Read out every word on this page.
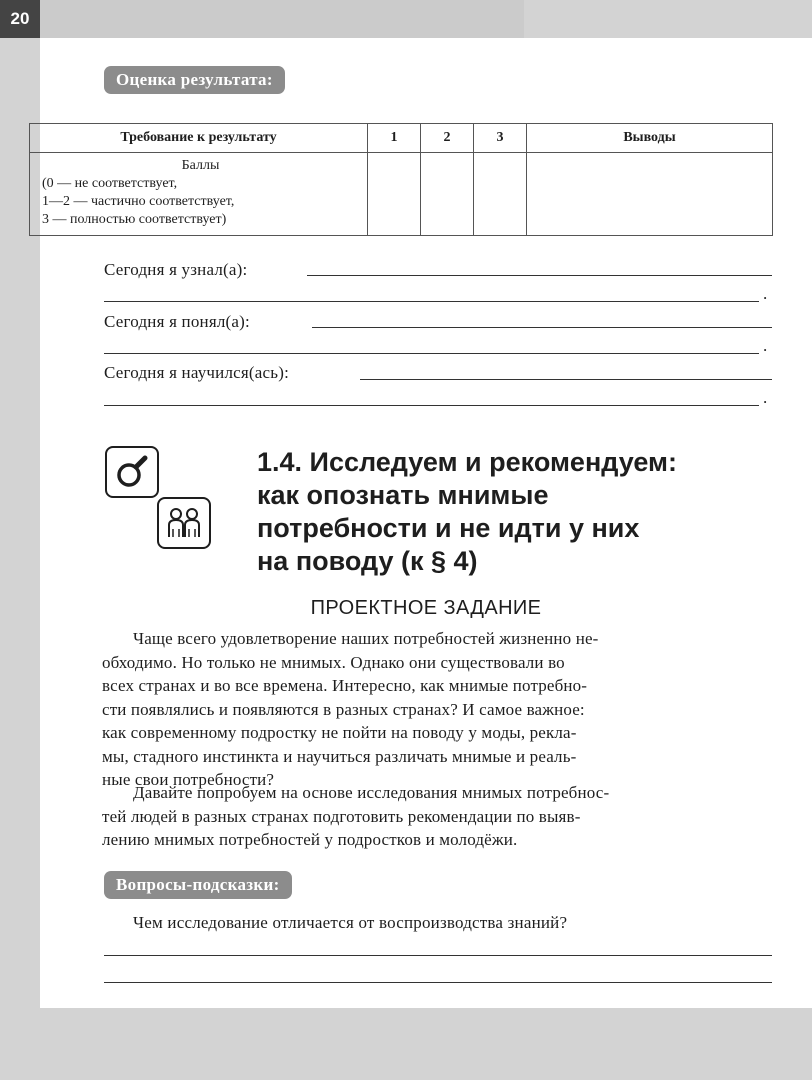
20
Оценка результата:
Требование к результату	1	2	3	Выводы

Баллы
(0 — не соответствует,
1—2 — частично соответствует,
3 — полностью соответствует)				

Сегодня я узнал(а):
.
Сегодня я понял(а):
.
Сегодня я научился(ась):
.
1.4. Исследуем и рекомендуем:
как опознать мнимые
потребности и не идти у них
на поводу (к § 4)
ПРОЕКТНОЕ ЗАДАНИЕ
Чаще всего удовлетворение наших потребностей жизненно не-
обходимо. Но только не мнимых. Однако они существовали во
всех странах и во все времена. Интересно, как мнимые потребно-
сти появлялись и появляются в разных странах? И самое важное:
как современному подростку не пойти на поводу у моды, рекла-
мы, стадного инстинкта и научиться различать мнимые и реаль-
ные свои потребности?
Давайте попробуем на основе исследования мнимых потребнос-
тей людей в разных странах подготовить рекомендации по выяв-
лению мнимых потребностей у подростков и молодёжи.
Вопросы-подсказки:
Чем исследование отличается от воспроизводства знаний?
